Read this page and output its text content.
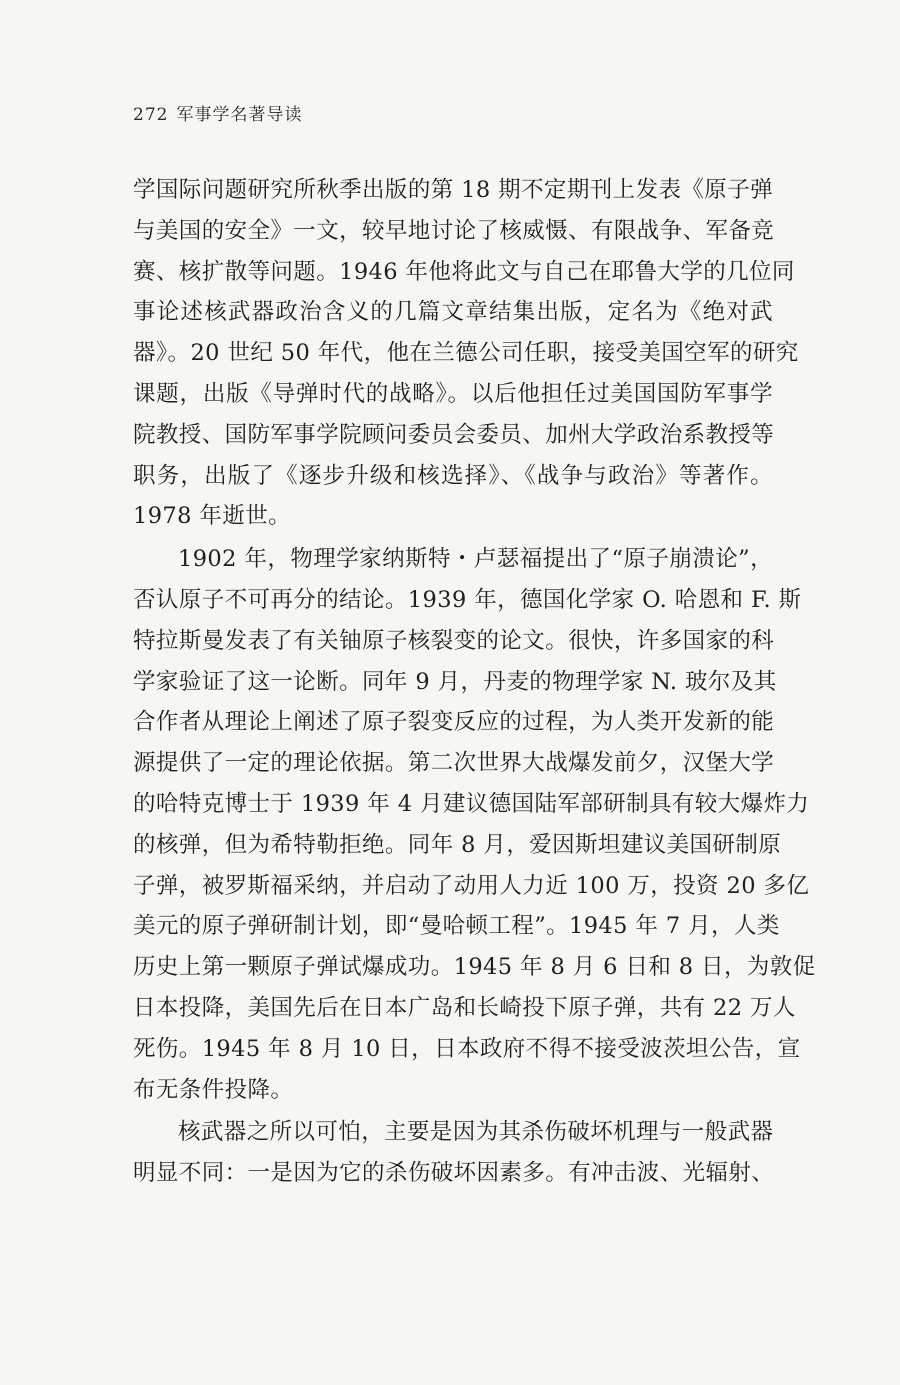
272 军事学名著导读
学国际问题研究所秋季出版的第 18 期不定期刊上发表《原子弹
与美国的安全》一文，较早地讨论了核威慑、有限战争、军备竞
赛、核扩散等问题。1946 年他将此文与自己在耶鲁大学的几位同
事论述核武器政治含义的几篇文章结集出版，定名为《绝对武
器》。20 世纪 50 年代，他在兰德公司任职，接受美国空军的研究
课题，出版《导弹时代的战略》。以后他担任过美国国防军事学
院教授、国防军事学院顾问委员会委员、加州大学政治系教授等
职务，出版了《逐步升级和核选择》、《战争与政治》等著作。
1978 年逝世。
1902 年，物理学家纳斯特・卢瑟福提出了“原子崩溃论”，
否认原子不可再分的结论。1939 年，德国化学家 O. 哈恩和 F. 斯
特拉斯曼发表了有关铀原子核裂变的论文。很快，许多国家的科
学家验证了这一论断。同年 9 月，丹麦的物理学家 N. 玻尔及其
合作者从理论上阐述了原子裂变反应的过程，为人类开发新的能
源提供了一定的理论依据。第二次世界大战爆发前夕，汉堡大学
的哈特克博士于 1939 年 4 月建议德国陆军部研制具有较大爆炸力
的核弹，但为希特勒拒绝。同年 8 月，爱因斯坦建议美国研制原
子弹，被罗斯福采纳，并启动了动用人力近 100 万，投资 20 多亿
美元的原子弹研制计划，即“曼哈顿工程”。1945 年 7 月，人类
历史上第一颗原子弹试爆成功。1945 年 8 月 6 日和 8 日，为敦促
日本投降，美国先后在日本广岛和长崎投下原子弹，共有 22 万人
死伤。1945 年 8 月 10 日，日本政府不得不接受波茨坦公告，宣
布无条件投降。
核武器之所以可怕，主要是因为其杀伤破坏机理与一般武器
明显不同：一是因为它的杀伤破坏因素多。有冲击波、光辐射、
